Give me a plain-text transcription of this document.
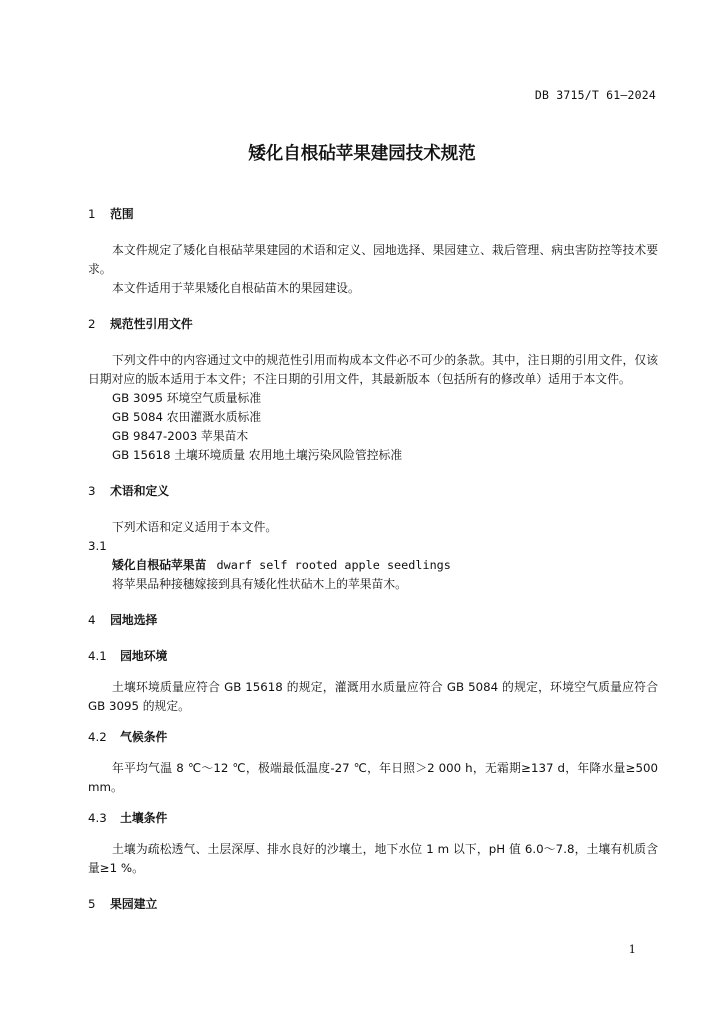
DB 3715/T 61—2024
矮化自根砧苹果建园技术规范

1 范围

本文件规定了矮化自根砧苹果建园的术语和定义、园地选择、果园建立、栽后管理、病虫害防控等技术要求。

本文件适用于苹果矮化自根砧苗木的果园建设。

2 规范性引用文件

下列文件中的内容通过文中的规范性引用而构成本文件必不可少的条款。其中，注日期的引用文件，仅该日期对应的版本适用于本文件；不注日期的引用文件，其最新版本（包括所有的修改单）适用于本文件。

GB 3095 环境空气质量标准

GB 5084 农田灌溉水质标准

GB 9847-2003 苹果苗木

GB 15618 土壤环境质量 农用地土壤污染风险管控标准

3 术语和定义

下列术语和定义适用于本文件。

3.1

矮化自根砧苹果苗 dwarf self rooted apple seedlings

将苹果品种接穗嫁接到具有矮化性状砧木上的苹果苗木。

4 园地选择

4.1 园地环境

土壤环境质量应符合 GB 15618 的规定，灌溉用水质量应符合 GB 5084 的规定，环境空气质量应符合 GB 3095 的规定。

4.2 气候条件

年平均气温 8 ℃～12 ℃，极端最低温度-27 ℃，年日照＞2 000 h，无霜期≥137 d，年降水量≥500 mm。

4.3 土壤条件

土壤为疏松透气、土层深厚、排水良好的沙壤土，地下水位 1 m 以下，pH 值 6.0～7.8，土壤有机质含量≥1 %。

5 果园建立

1
